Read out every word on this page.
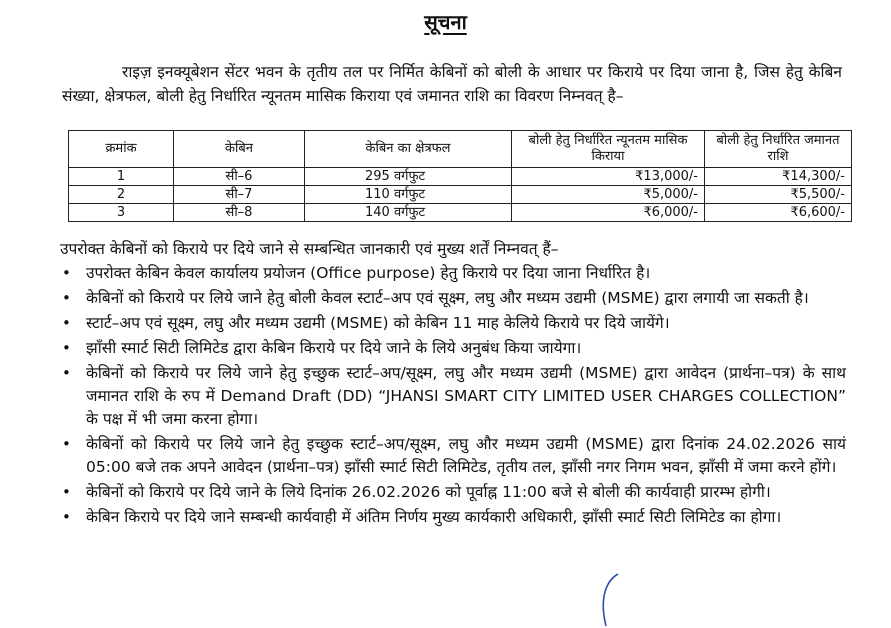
सूचना
राइज़ इनक्यूबेशन सेंटर भवन के तृतीय तल पर निर्मित केबिनों को बोली के आधार पर किराये पर दिया जाना है, जिस हेतु केबिन संख्या, क्षेत्रफल, बोली हेतु निर्धारित न्यूनतम मासिक किराया एवं जमानत राशि का विवरण निम्नवत् है–
क्रमांक	केबिन	केबिन का क्षेत्रफल	बोली हेतु निर्धारित न्यूनतम मासिक किराया	बोली हेतु निर्धारित जमानत राशि
1	सी–6	295 वर्गफुट	₹13,000/-	₹14,300/-
2	सी–7	110 वर्गफुट	₹5,000/-	₹5,500/-
3	सी–8	140 वर्गफुट	₹6,000/-	₹6,600/-
उपरोक्त केबिनों को किराये पर दिये जाने से सम्बन्धित जानकारी एवं मुख्य शर्तें निम्नवत् हैं–
• उपरोक्त केबिन केवल कार्यालय प्रयोजन (Office purpose) हेतु किराये पर दिया जाना निर्धारित है।
• केबिनों को किराये पर लिये जाने हेतु बोली केवल स्टार्ट–अप एवं सूक्ष्म, लघु और मध्यम उद्यमी (MSME) द्वारा लगायी जा सकती है।
• स्टार्ट–अप एवं सूक्ष्म, लघु और मध्यम उद्यमी (MSME) को केबिन 11 माह केलिये किराये पर दिये जायेंगे।
• झाँसी स्मार्ट सिटी लिमिटेड द्वारा केबिन किराये पर दिये जाने के लिये अनुबंध किया जायेगा।
• केबिनों को किराये पर लिये जाने हेतु इच्छुक स्टार्ट–अप/सूक्ष्म, लघु और मध्यम उद्यमी (MSME) द्वारा आवेदन (प्रार्थना–पत्र) के साथ जमानत राशि के रुप में Demand Draft (DD) “JHANSI SMART CITY LIMITED USER CHARGES COLLECTION” के पक्ष में भी जमा करना होगा।
• केबिनों को किराये पर लिये जाने हेतु इच्छुक स्टार्ट–अप/सूक्ष्म, लघु और मध्यम उद्यमी (MSME) द्वारा दिनांक 24.02.2026 सायं 05:00 बजे तक अपने आवेदन (प्रार्थना–पत्र) झाँसी स्मार्ट सिटी लिमिटेड, तृतीय तल, झाँसी नगर निगम भवन, झाँसी में जमा करने होंगे।
• केबिनों को किराये पर दिये जाने के लिये दिनांक 26.02.2026 को पूर्वाह्न 11:00 बजे से बोली की कार्यवाही प्रारम्भ होगी।
• केबिन किराये पर दिये जाने सम्बन्धी कार्यवाही में अंतिम निर्णय मुख्य कार्यकारी अधिकारी, झाँसी स्मार्ट सिटी लिमिटेड का होगा।
